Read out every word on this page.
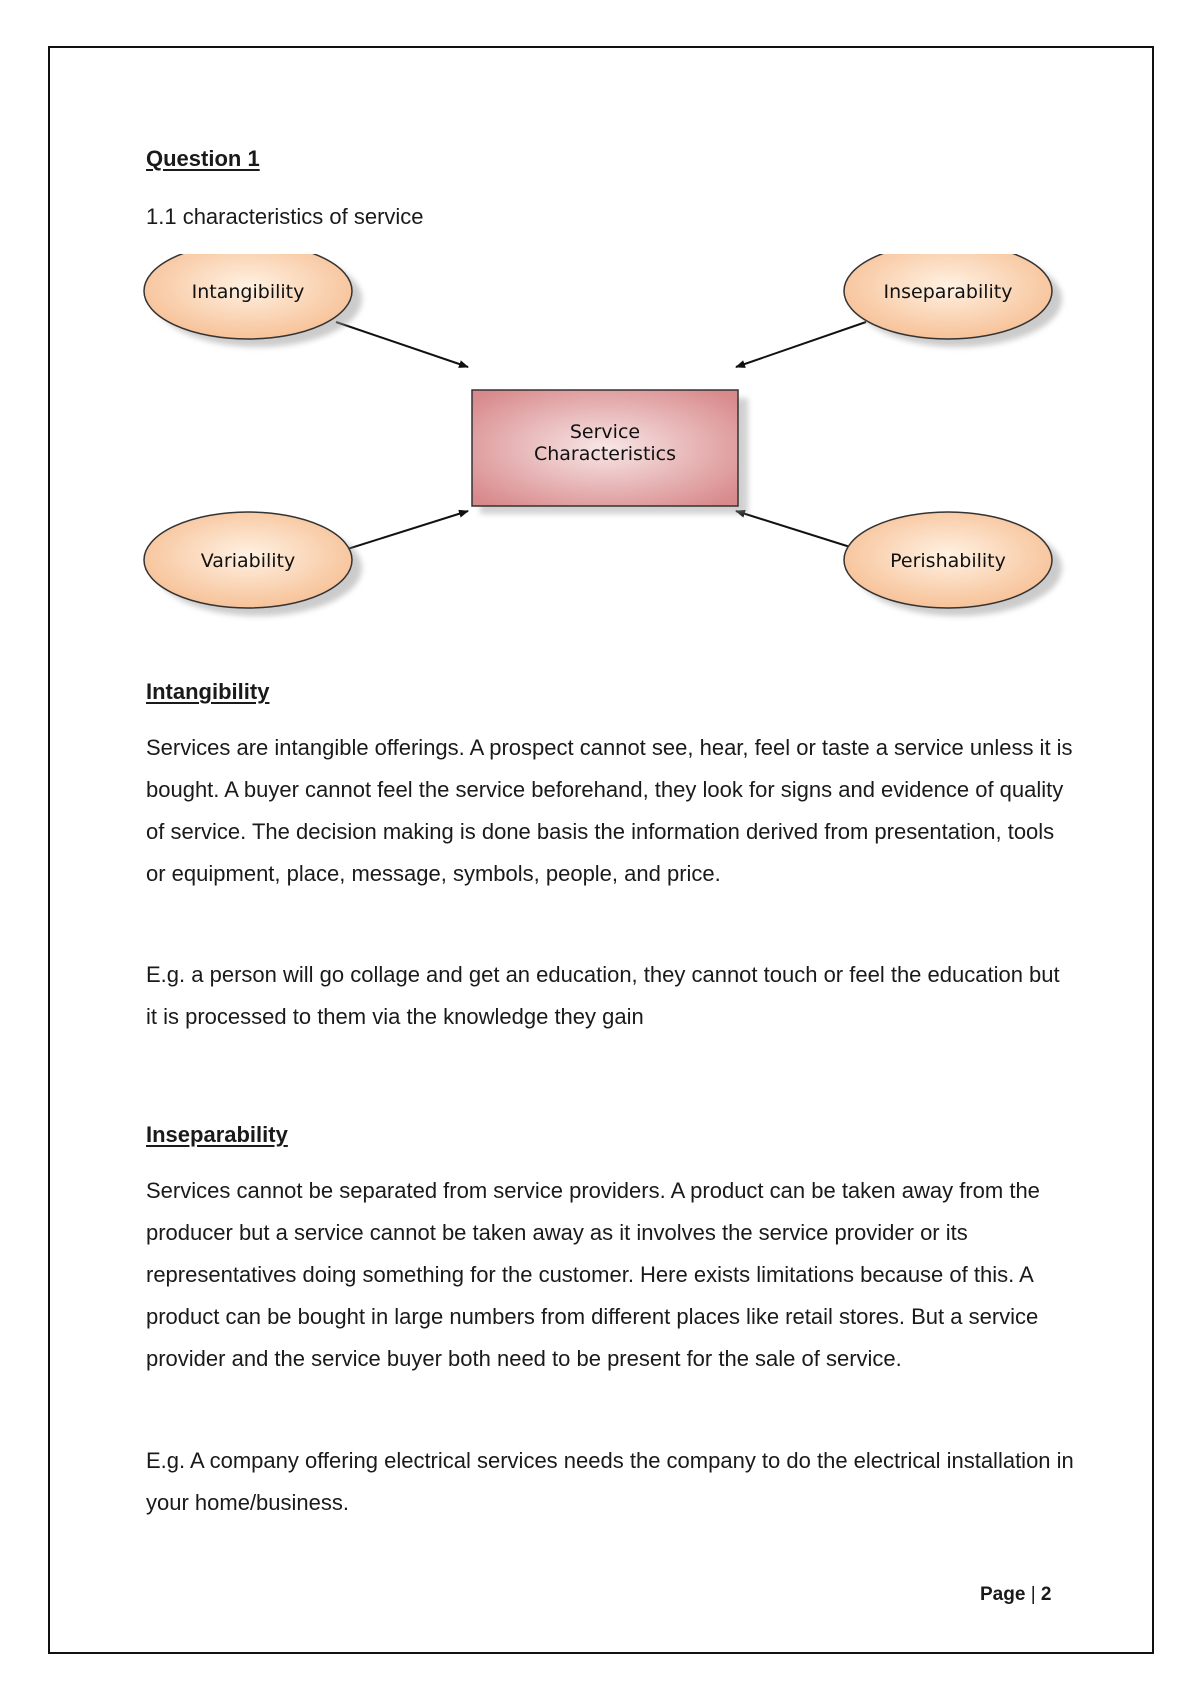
Question 1
1.1 characteristics of service
Service
Characteristics
Intangibility	Inseparability
Variability	Perishability
Intangibility

Services are intangible offerings. A prospect cannot see, hear, feel or taste a service unless it is bought. A buyer cannot feel the service beforehand, they look for signs and evidence of quality of service. The decision making is done basis the information derived from presentation, tools or equipment, place, message, symbols, people, and price.

E.g. a person will go collage and get an education, they cannot touch or feel the education but it is processed to them via the knowledge they gain

Inseparability

Services cannot be separated from service providers. A product can be taken away from the producer but a service cannot be taken away as it involves the service provider or its representatives doing something for the customer. Here exists limitations because of this. A product can be bought in large numbers from different places like retail stores. But a service provider and the service buyer both need to be present for the sale of service.

E.g. A company offering electrical services needs the company to do the electrical installation in your home/business.

Page | 2
